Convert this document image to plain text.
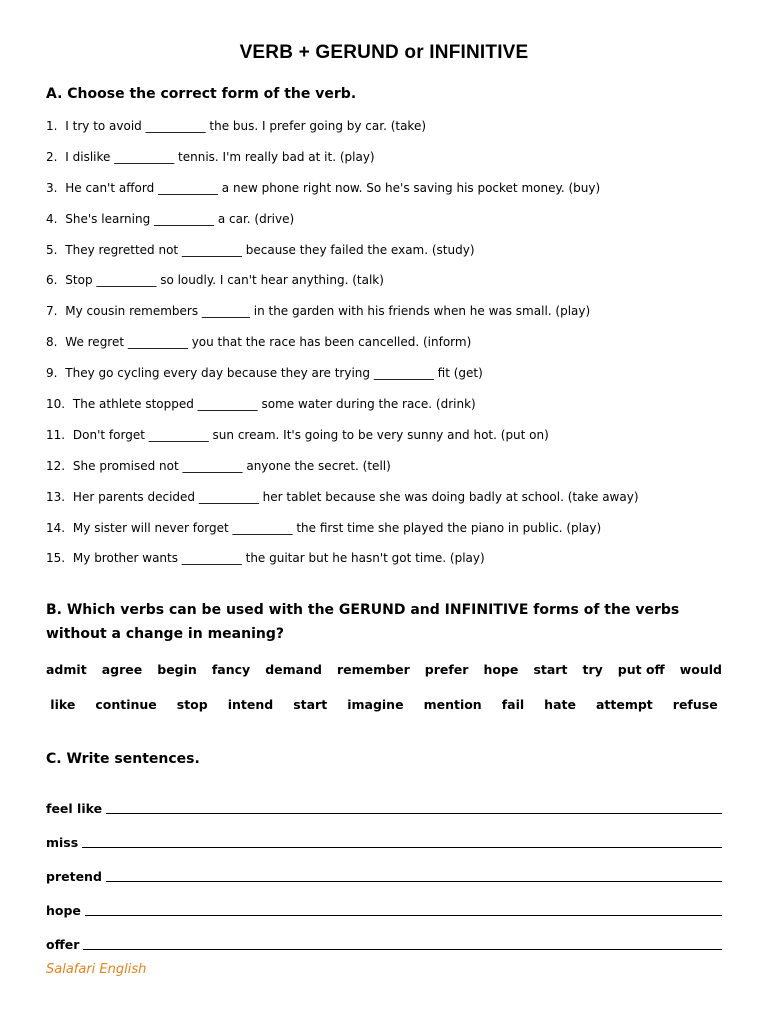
VERB + GERUND or INFINITIVE
A. Choose the correct form of the verb.
1. I try to avoid __________ the bus. I prefer going by car. (take)
2. I dislike __________ tennis. I'm really bad at it. (play)
3. He can't afford __________ a new phone right now. So he's saving his pocket money. (buy)
4. She's learning __________ a car. (drive)
5. They regretted not __________ because they failed the exam. (study)
6. Stop __________ so loudly. I can't hear anything. (talk)
7. My cousin remembers ________ in the garden with his friends when he was small. (play)
8. We regret __________ you that the race has been cancelled. (inform)
9. They go cycling every day because they are trying __________ fit (get)
10. The athlete stopped __________ some water during the race. (drink)
11. Don't forget __________ sun cream. It's going to be very sunny and hot. (put on)
12. She promised not __________ anyone the secret. (tell)
13. Her parents decided __________ her tablet because she was doing badly at school. (take away)
14. My sister will never forget __________ the first time she played the piano in public. (play)
15. My brother wants __________ the guitar but he hasn't got time. (play)
B. Which verbs can be used with the GERUND and INFINITIVE forms of the verbs without a change in meaning?
admit agree begin fancy demand remember prefer hope start try put off would
like continue stop intend start imagine mention fail hate attempt refuse
C. Write sentences.
feel like
miss
pretend
hope
offer
Salafari English
